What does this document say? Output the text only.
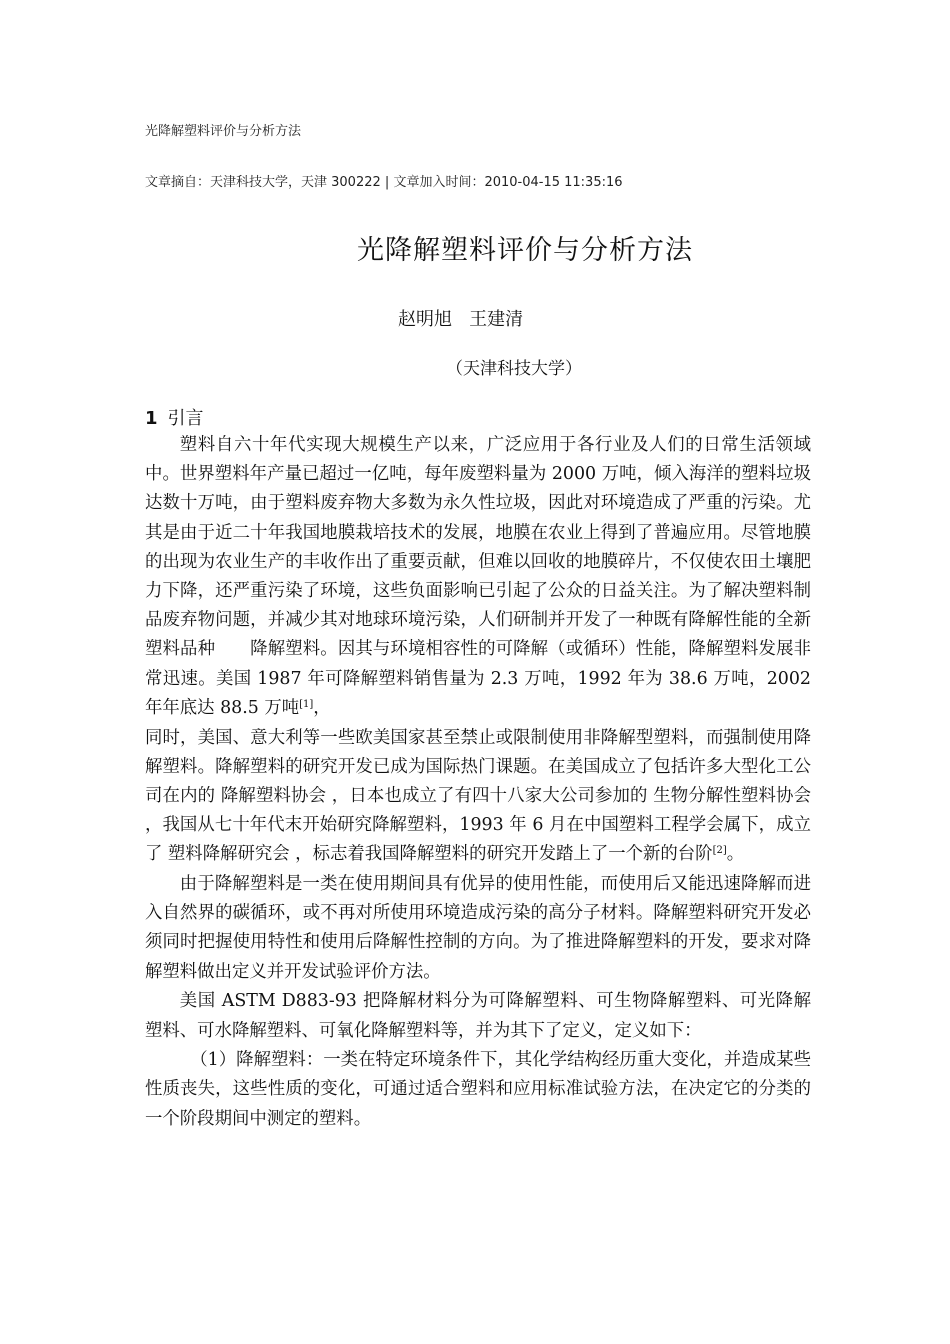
光降解塑料评价与分析方法
文章摘自：天津科技大学，天津 300222 | 文章加入时间：2010-04-15 11:35:16
光降解塑料评价与分析方法
赵明旭   王建清
（天津科技大学）
1 引言

塑料自六十年代实现大规模生产以来，广泛应用于各行业及人们的日常生活领域中。世界塑料年产量已超过一亿吨，每年废塑料量为 2000 万吨，倾入海洋的塑料垃圾达数十万吨，由于塑料废弃物大多数为永久性垃圾，因此对环境造成了严重的污染。尤其是由于近二十年我国地膜栽培技术的发展，地膜在农业上得到了普遍应用。尽管地膜的出现为农业生产的丰收作出了重要贡献，但难以回收的地膜碎片，不仅使农田土壤肥力下降，还严重污染了环境，这些负面影响已引起了公众的日益关注。为了解决塑料制品废弃物问题，并减少其对地球环境污染，人们研制并开发了一种既有降解性能的全新塑料品种　　降解塑料。因其与环境相容性的可降解（或循环）性能，降解塑料发展非常迅速。美国 1987 年可降解塑料销售量为 2.3 万吨，1992 年为 38.6 万吨，2002 年年底达 88.5 万吨[1]，

同时，美国、意大利等一些欧美国家甚至禁止或限制使用非降解型塑料，而强制使用降解塑料。降解塑料的研究开发已成为国际热门课题。在美国成立了包括许多大型化工公司在内的 降解塑料协会 ，日本也成立了有四十八家大公司参加的 生物分解性塑料协会 ，我国从七十年代末开始研究降解塑料，1993 年 6 月在中国塑料工程学会属下，成立了 塑料降解研究会 ，标志着我国降解塑料的研究开发踏上了一个新的台阶[2]。

由于降解塑料是一类在使用期间具有优异的使用性能，而使用后又能迅速降解而进入自然界的碳循环，或不再对所使用环境造成污染的高分子材料。降解塑料研究开发必须同时把握使用特性和使用后降解性控制的方向。为了推进降解塑料的开发，要求对降解塑料做出定义并开发试验评价方法。

美国 ASTM D883-93 把降解材料分为可降解塑料、可生物降解塑料、可光降解塑料、可水降解塑料、可氧化降解塑料等，并为其下了定义，定义如下：

（1）降解塑料：一类在特定环境条件下，其化学结构经历重大变化，并造成某些性质丧失，这些性质的变化，可通过适合塑料和应用标准试验方法，在决定它的分类的一个阶段期间中测定的塑料。
